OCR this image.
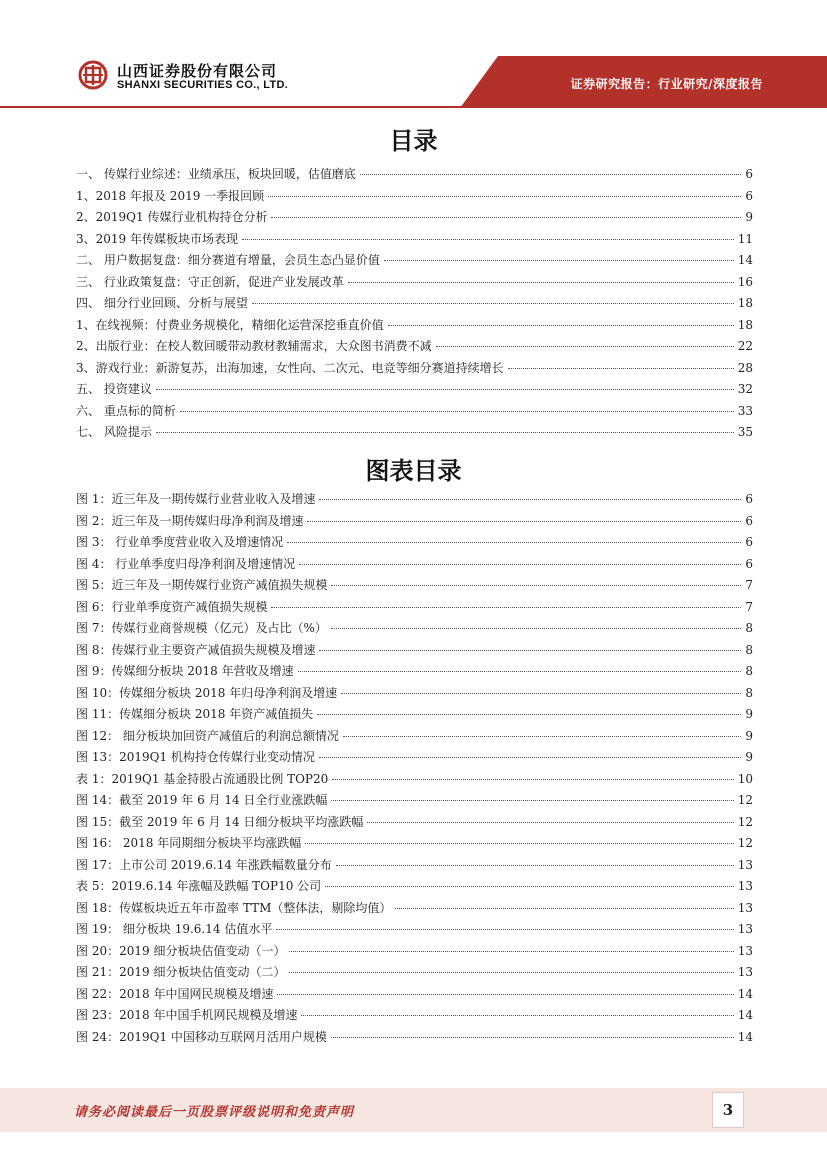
山西证券股份有限公司
SHANXI SECURITIES CO., LTD.	证券研究报告：行业研究/深度报告
目录
一、 传媒行业综述：业绩承压，板块回暖，估值磨底	6
1、2018 年报及 2019 一季报回顾	6
2、2019Q1 传媒行业机构持仓分析	9
3、2019 年传媒板块市场表现	11
二、 用户数据复盘：细分赛道有增量，会员生态凸显价值	14
三、 行业政策复盘：守正创新，促进产业发展改革	16
四、 细分行业回顾、分析与展望	18
1、在线视频：付费业务规模化，精细化运营深挖垂直价值	18
2、出版行业：在校人数回暖带动教材教辅需求，大众图书消费不减	22
3、游戏行业：新游复苏，出海加速，女性向、二次元、电竞等细分赛道持续增长	28
五、 投资建议	32
六、 重点标的简析	33
七、 风险提示	35
图表目录
图 1：近三年及一期传媒行业营业收入及增速	6
图 2：近三年及一期传媒归母净利润及增速	6
图 3： 行业单季度营业收入及增速情况	6
图 4： 行业单季度归母净利润及增速情况	6
图 5：近三年及一期传媒行业资产减值损失规模	7
图 6：行业单季度资产减值损失规模	7
图 7：传媒行业商誉规模（亿元）及占比（%）	8
图 8：传媒行业主要资产减值损失规模及增速	8
图 9：传媒细分板块 2018 年营收及增速	8
图 10：传媒细分板块 2018 年归母净利润及增速	8
图 11：传媒细分板块 2018 年资产减值损失	9
图 12： 细分板块加回资产减值后的利润总额情况	9
图 13：2019Q1 机构持仓传媒行业变动情况	9
表 1：2019Q1 基金持股占流通股比例 TOP20	10
图 14：截至 2019 年 6 月 14 日全行业涨跌幅	12
图 15：截至 2019 年 6 月 14 日细分板块平均涨跌幅	12
图 16： 2018 年同期细分板块平均涨跌幅	12
图 17：上市公司 2019.6.14 年涨跌幅数量分布	13
表 5：2019.6.14 年涨幅及跌幅 TOP10 公司	13
图 18：传媒板块近五年市盈率 TTM（整体法，剔除均值）	13
图 19： 细分板块 19.6.14 估值水平	13
图 20：2019 细分板块估值变动（一）	13
图 21：2019 细分板块估值变动（二）	13
图 22：2018 年中国网民规模及增速	14
图 23：2018 年中国手机网民规模及增速	14
图 24：2019Q1 中国移动互联网月活用户规模	14
请务必阅读最后一页股票评级说明和免责声明	3
